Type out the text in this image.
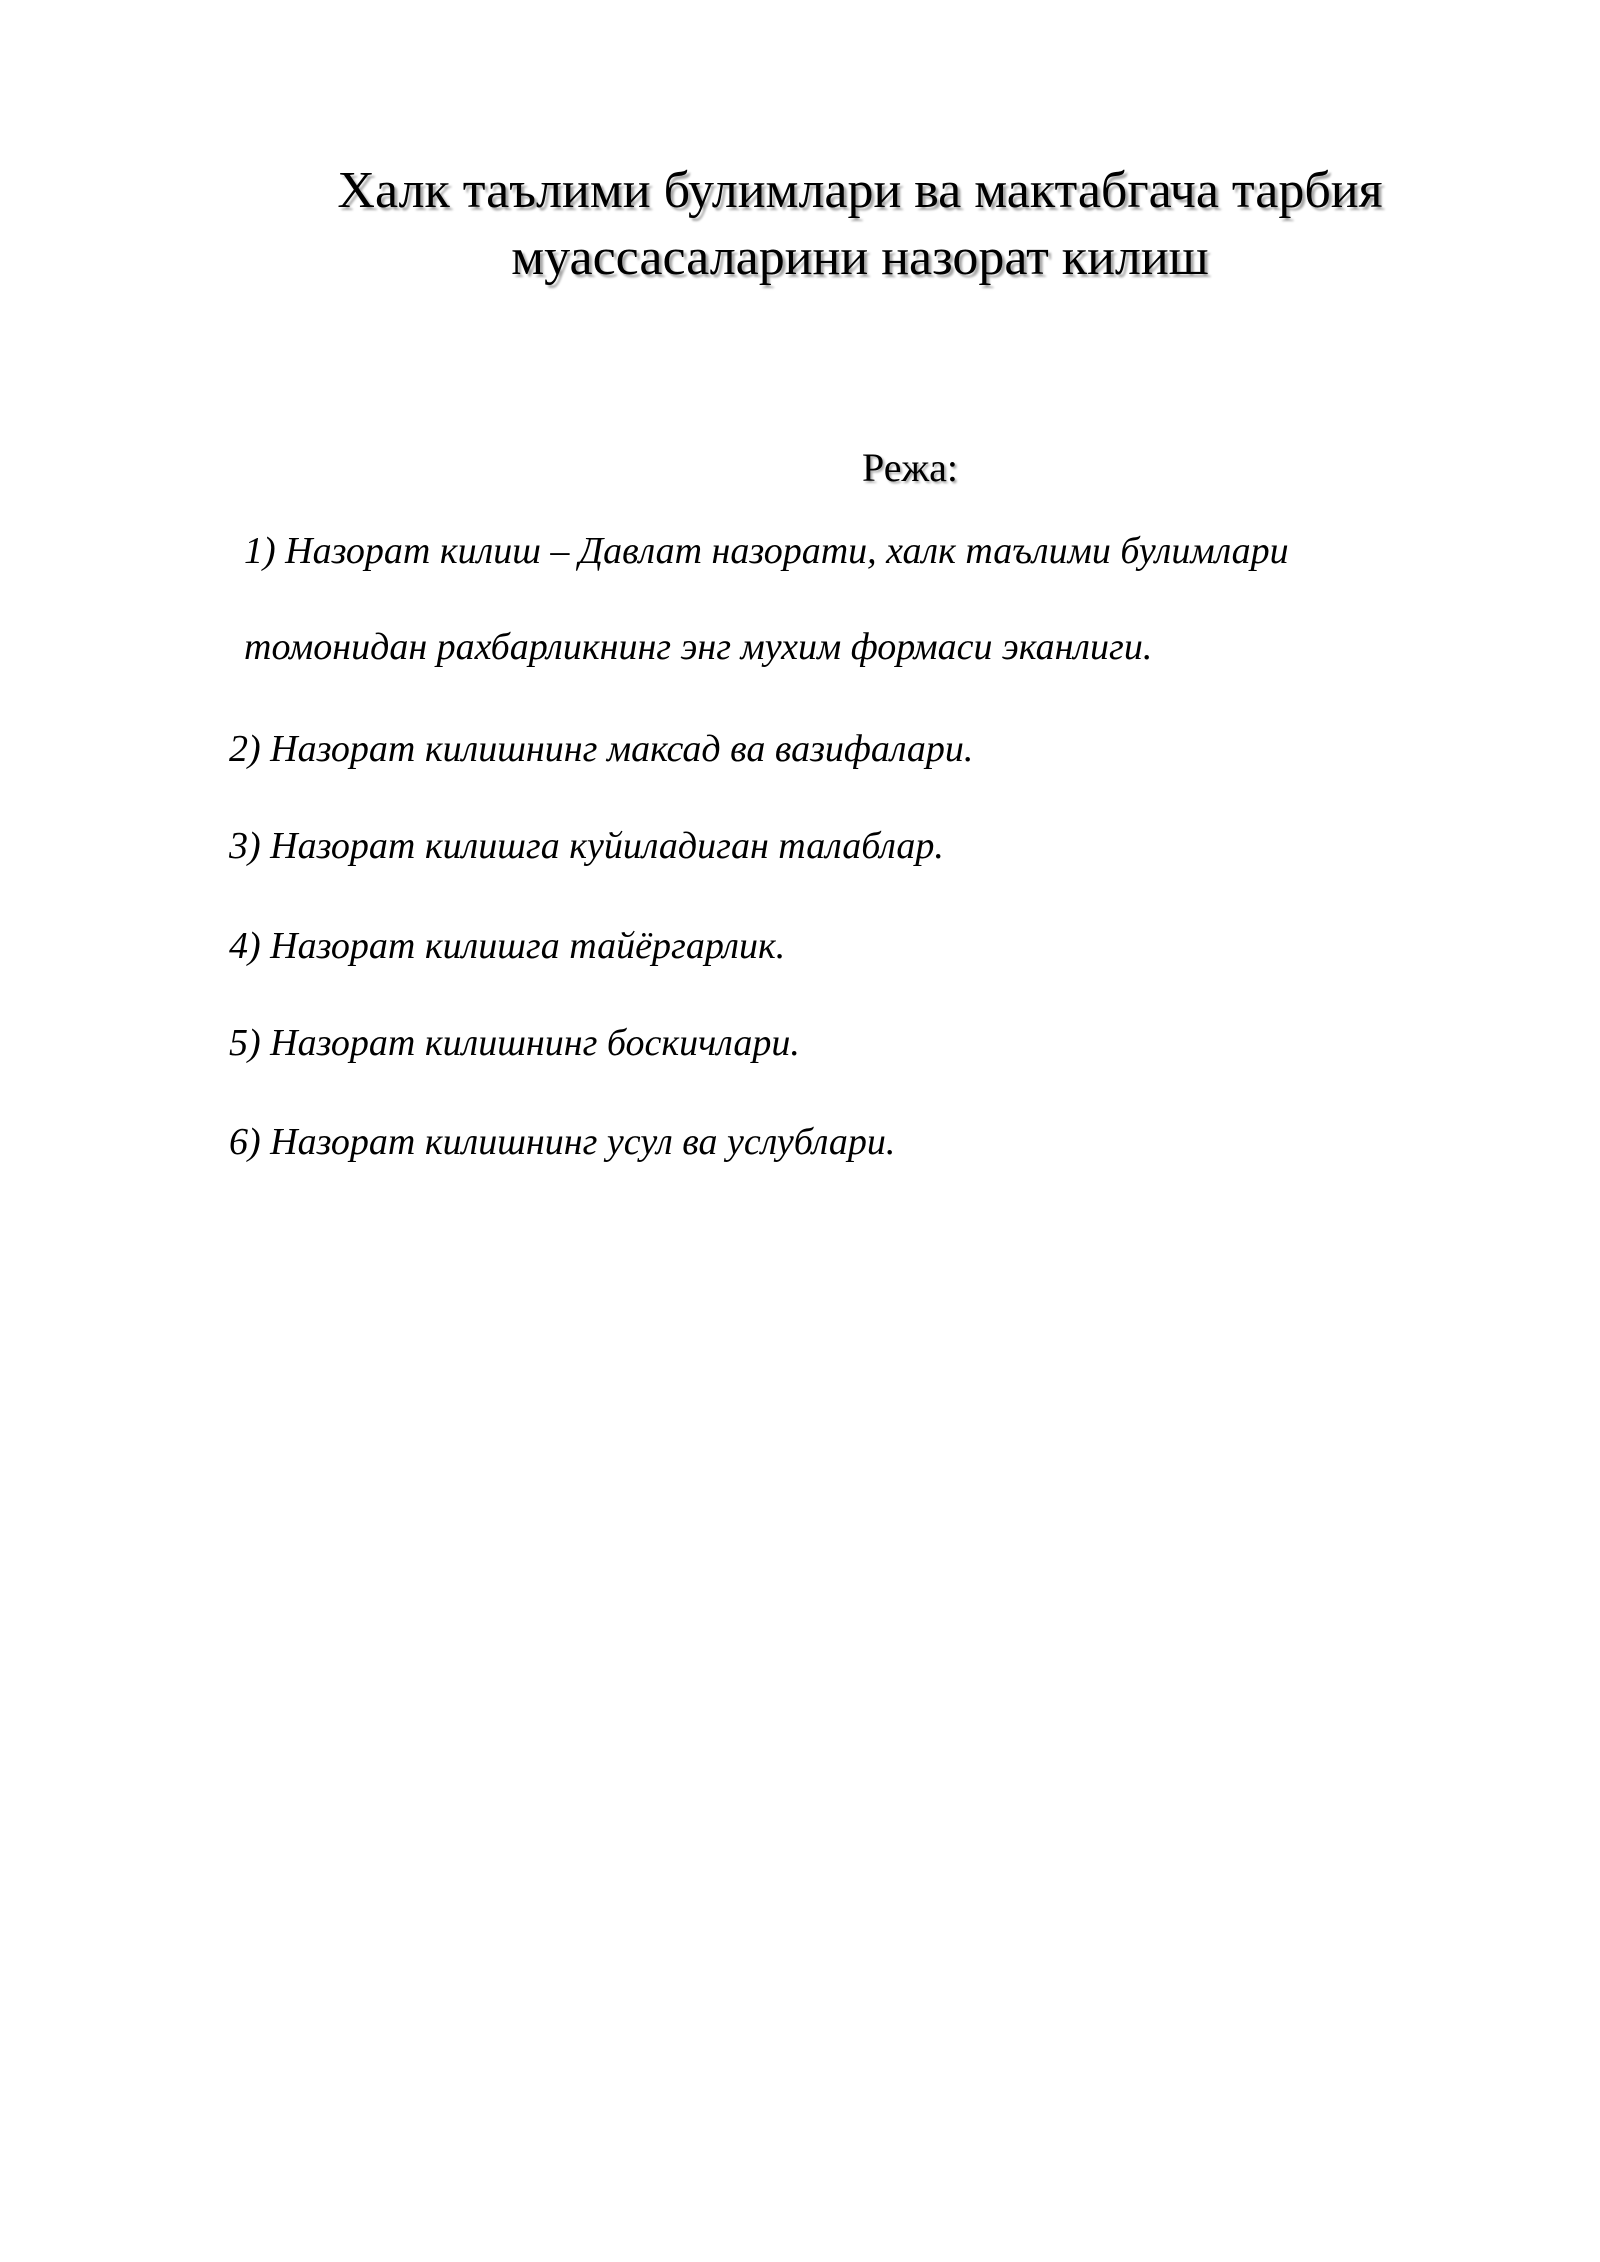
Халк таълими булимлари ва мактабгача тарбия
муассасаларини назорат килиш
Режа:

1) Назорат килиш – Давлат назорати, халк таълими булимлари

томонидан рахбарликнинг энг мухим формаси эканлиги.

2) Назорат килишнинг максад ва вазифалари.

3) Назорат килишга куйиладиган талаблар.

4) Назорат килишга тайёргарлик.

5) Назорат килишнинг боскичлари.

6) Назорат килишнинг усул ва услублари.
